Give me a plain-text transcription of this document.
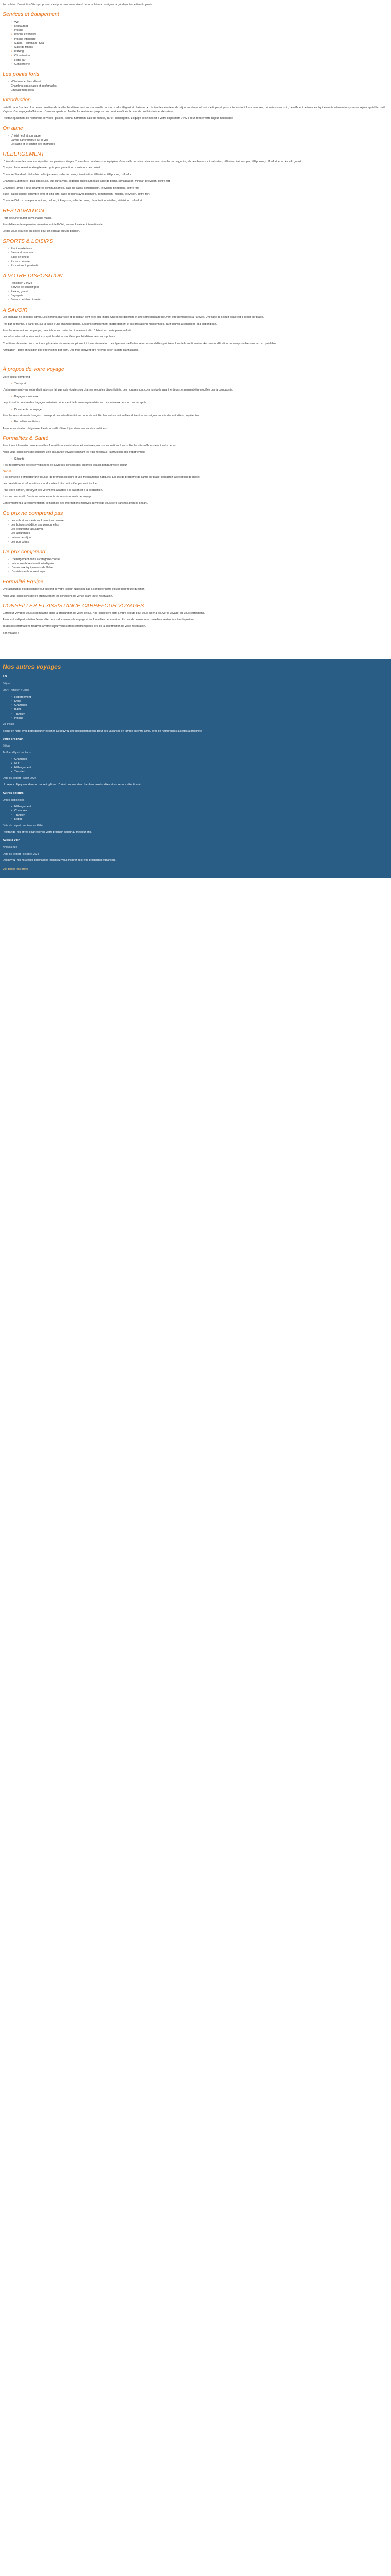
Formulaire d'inscription Vous proposez, c'est pour vos entreprises! Le formulaire à consigner à gré d'ajouter le titre du poste.

Services et équipement
• Wifi
• Restaurant
• Piscine
• Piscine extérieure
• Piscine intérieure
• Sauna - Hammam - Spa
• Salle de fitness
• Parking
• Climatisation
• Hôtel bar
• Conciergerie
Les points forts
- Hôtel neuf et bien décoré
- Chambres spacieuses et confortables
- Emplacement idéal
Introduction

Installé dans l'un des plus beaux quartiers de la ville, l'établissement vous accueille dans un cadre élégant et chaleureux. Un lieu de détente et de séjour moderne où tout a été pensé pour votre confort. Les chambres, décorées avec soin, bénéficient de tous les équipements nécessaires pour un séjour agréable, qu'il s'agisse d'un voyage d'affaires ou d'une escapade en famille. Le restaurant propose une cuisine raffinée à base de produits frais et de saison.

Profitez également de nombreux services : piscine, sauna, hammam, salle de fitness, bar et conciergerie. L'équipe de l'hôtel est à votre disposition 24h/24 pour rendre votre séjour inoubliable.

On aime
- L'hôtel neuf et son cadre
- La vue panoramique sur la ville
- Le calme et le confort des chambres
HÉBERGEMENT

L'hôtel dispose de chambres réparties sur plusieurs étages. Toutes les chambres sont équipées d'une salle de bains privative avec douche ou baignoire, sèche-cheveux, climatisation, télévision à écran plat, téléphone, coffre-fort et accès wifi gratuit.

Chaque chambre est aménagée avec goût pour garantir un maximum de confort.

Chambre Standard : lit double ou lits jumeaux, salle de bains, climatisation, télévision, téléphone, coffre-fort.

Chambre Supérieure : plus spacieuse, vue sur la ville, lit double ou lits jumeaux, salle de bains, climatisation, minibar, télévision, coffre-fort.

Chambre Famille : deux chambres communicantes, salle de bains, climatisation, télévision, téléphone, coffre-fort.

Suite : salon séparé, chambre avec lit king size, salle de bains avec baignoire, climatisation, minibar, télévision, coffre-fort.

Chambre Deluxe : vue panoramique, balcon, lit king size, salle de bains, climatisation, minibar, télévision, coffre-fort.

RESTAURATION

Petit déjeuner buffet servi chaque matin.

Possibilité de demi-pension au restaurant de l'hôtel, cuisine locale et internationale.

Le bar vous accueille en soirée pour un cocktail ou une boisson.

SPORTS & LOISIRS
- Piscine extérieure
- Sauna et hammam
- Salle de fitness
- Espace détente
- Excursions à proximité
À VOTRE DISPOSITION
- Réception 24h/24
- Service de conciergerie
- Parking gratuit
- Bagagerie
- Service de blanchisserie
A SAVOIR

Les animaux ne sont pas admis. Les horaires d'arrivée et de départ sont fixés par l'hôtel. Une pièce d'identité et une carte bancaire peuvent être demandées à l'arrivée. Une taxe de séjour locale est à régler sur place.

Prix par personne, à partir de, sur la base d'une chambre double. Les prix comprennent l'hébergement et les prestations mentionnées. Tarif soumis à conditions et à disponibilité.

Pour les réservations de groupe, merci de nous contacter directement afin d'obtenir un devis personnalisé.

Les informations données sont susceptibles d'être modifiées par l'établissement sans préavis.

Conditions de vente : les conditions générales de vente s'appliquent à toute réservation. Le règlement s'effectue selon les modalités précisées lors de la confirmation. Aucune modification ne sera possible sans accord préalable.

Annulation : toute annulation doit être notifiée par écrit. Des frais peuvent être retenus selon la date d'annulation.

À propos de votre voyage

Votre séjour comprend :

• Transport

L'acheminement vers votre destination se fait par vols réguliers ou charters selon les disponibilités. Les horaires sont communiqués avant le départ et peuvent être modifiés par la compagnie.

• Bagages - animaux

Le poids et le nombre des bagages autorisés dépendent de la compagnie aérienne. Les animaux ne sont pas acceptés.

• Documents de voyage

Pour les ressortissants français : passeport ou carte d'identité en cours de validité. Les autres nationalités doivent se renseigner auprès des autorités compétentes.

• Formalités sanitaires

Aucune vaccination obligatoire. Il est conseillé d'être à jour dans ses vaccins habituels.

Formalités & Santé

Pour toute information concernant les formalités administratives et sanitaires, nous vous invitons à consulter les sites officiels avant votre départ.

Nous vous conseillons de souscrire une assurance voyage couvrant les frais médicaux, l'annulation et le rapatriement.

• Sécurité

Il est recommandé de rester vigilant et de suivre les conseils des autorités locales pendant votre séjour.

Santé

Il est conseillé d'emporter une trousse de premiers secours et vos médicaments habituels. En cas de problème de santé sur place, contactez la réception de l'hôtel.

Les prestations et informations sont données à titre indicatif et peuvent évoluer.

Pour votre confort, prévoyez des vêtements adaptés à la saison et à la destination.

Il est recommandé d'avoir sur soi une copie de ses documents de voyage.

Conformément à la réglementation, l'ensemble des informations relatives au voyage vous sera transmis avant le départ.

Ce prix ne comprend pas
- Les vols et transferts sauf mention contraire
- Les boissons et dépenses personnelles
- Les excursions facultatives
- Les assurances
- La taxe de séjour
- Les pourboires
Ce prix comprend
- L'hébergement dans la catégorie choisie
- La formule de restauration indiquée
- L'accès aux équipements de l'hôtel
- L'assistance de notre équipe
Formalité Equipe

Une assistance est disponible tout au long de votre séjour. N'hésitez pas à contacter notre équipe pour toute question.

Nous vous conseillons de lire attentivement les conditions de vente avant toute réservation.

CONSEILLER ET ASSISTANCE CARREFOUR VOYAGES

Carrefour Voyages vous accompagne dans la préparation de votre séjour. Nos conseillers sont à votre écoute pour vous aider à trouver le voyage qui vous correspond.

Avant votre départ, vérifiez l'ensemble de vos documents de voyage et les formalités nécessaires. En cas de besoin, nos conseillers restent à votre disposition.

Toutes les informations relatives à votre séjour vous seront communiquées lors de la confirmation de votre réservation.

Bon voyage !

Nos autres voyages

4.5

Séjour

2024 Transfert / Choix

• Hébergement
• Dîner
• Chambres
• Bains
• Transfert
• Piscine

Vol inclus

Séjour en hôtel avec petit déjeuner et dîner. Découvrez une destination idéale pour des vacances en famille ou entre amis, avec de nombreuses activités à proximité.

Votre prochain

Séjour

Tarif au départ de Paris

• Chambres
• Nuit
• Hébergement
• Transfert

Date du départ : juillet 2024

Un séjour dépaysant dans un cadre idyllique. L'hôtel propose des chambres confortables et un service attentionné.

Autres séjours

Offres disponibles

• Hébergement
• Chambres
• Transfert
• Repas

Date du départ : septembre 2024

Profitez de nos offres pour réserver votre prochain séjour au meilleur prix.

Aussi à voir

Nouveautés

Date du départ : octobre 2024

Découvrez nos nouvelles destinations et laissez-vous inspirer pour vos prochaines vacances.

Voir toutes nos offres
